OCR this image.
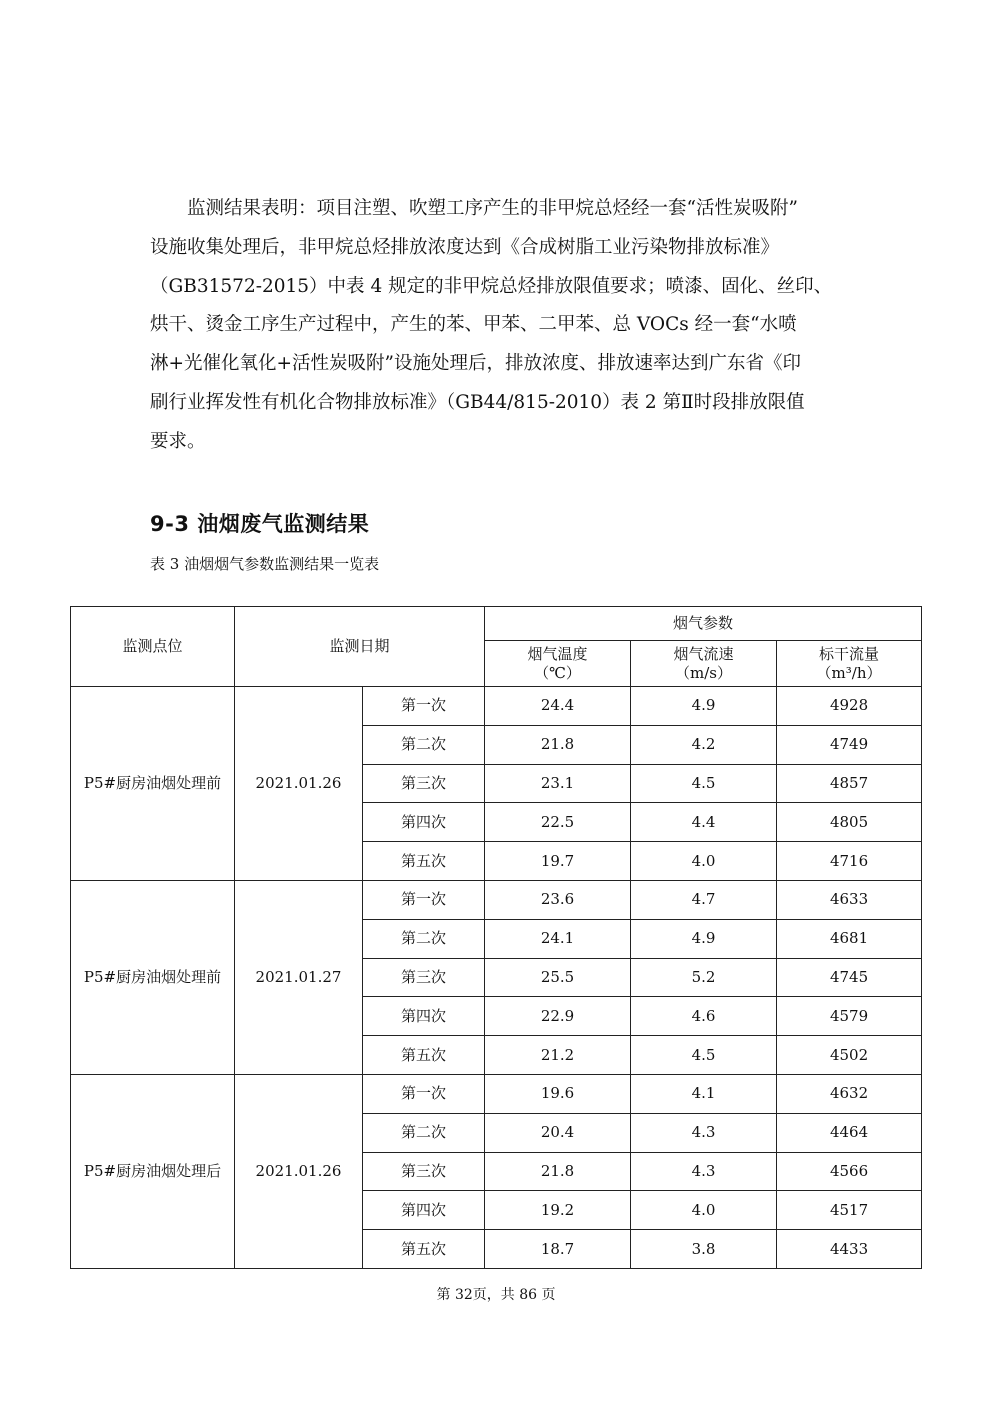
监测结果表明：项目注塑、吹塑工序产生的非甲烷总烃经一套“活性炭吸附”
设施收集处理后，非甲烷总烃排放浓度达到《合成树脂工业污染物排放标准》
（GB31572-2015）中表 4 规定的非甲烷总烃排放限值要求；喷漆、固化、丝印、
烘干、烫金工序生产过程中，产生的苯、甲苯、二甲苯、总 VOCs 经一套“水喷
淋+光催化氧化+活性炭吸附”设施处理后，排放浓度、排放速率达到广东省《印
刷行业挥发性有机化合物排放标准》（GB44/815-2010）表 2 第Ⅱ时段排放限值
要求。
9-3 油烟废气监测结果
表 3 油烟烟气参数监测结果一览表
监测点位	监测日期		烟气参数		

			烟气温度
（℃）	烟气流速
（m/s）	标干流量
（m³/h）

P5#厨房油烟处理前	2021.01.26	第一次	24.4	4.9	4928
		第二次	21.8	4.2	4749
		第三次	23.1	4.5	4857
		第四次	22.5	4.4	4805
		第五次	19.7	4.0	4716
P5#厨房油烟处理前	2021.01.27	第一次	23.6	4.7	4633
		第二次	24.1	4.9	4681
		第三次	25.5	5.2	4745
		第四次	22.9	4.6	4579
		第五次	21.2	4.5	4502
P5#厨房油烟处理后	2021.01.26	第一次	19.6	4.1	4632
		第二次	20.4	4.3	4464
		第三次	21.8	4.3	4566
		第四次	19.2	4.0	4517
		第五次	18.7	3.8	4433
第 32页，共 86 页
